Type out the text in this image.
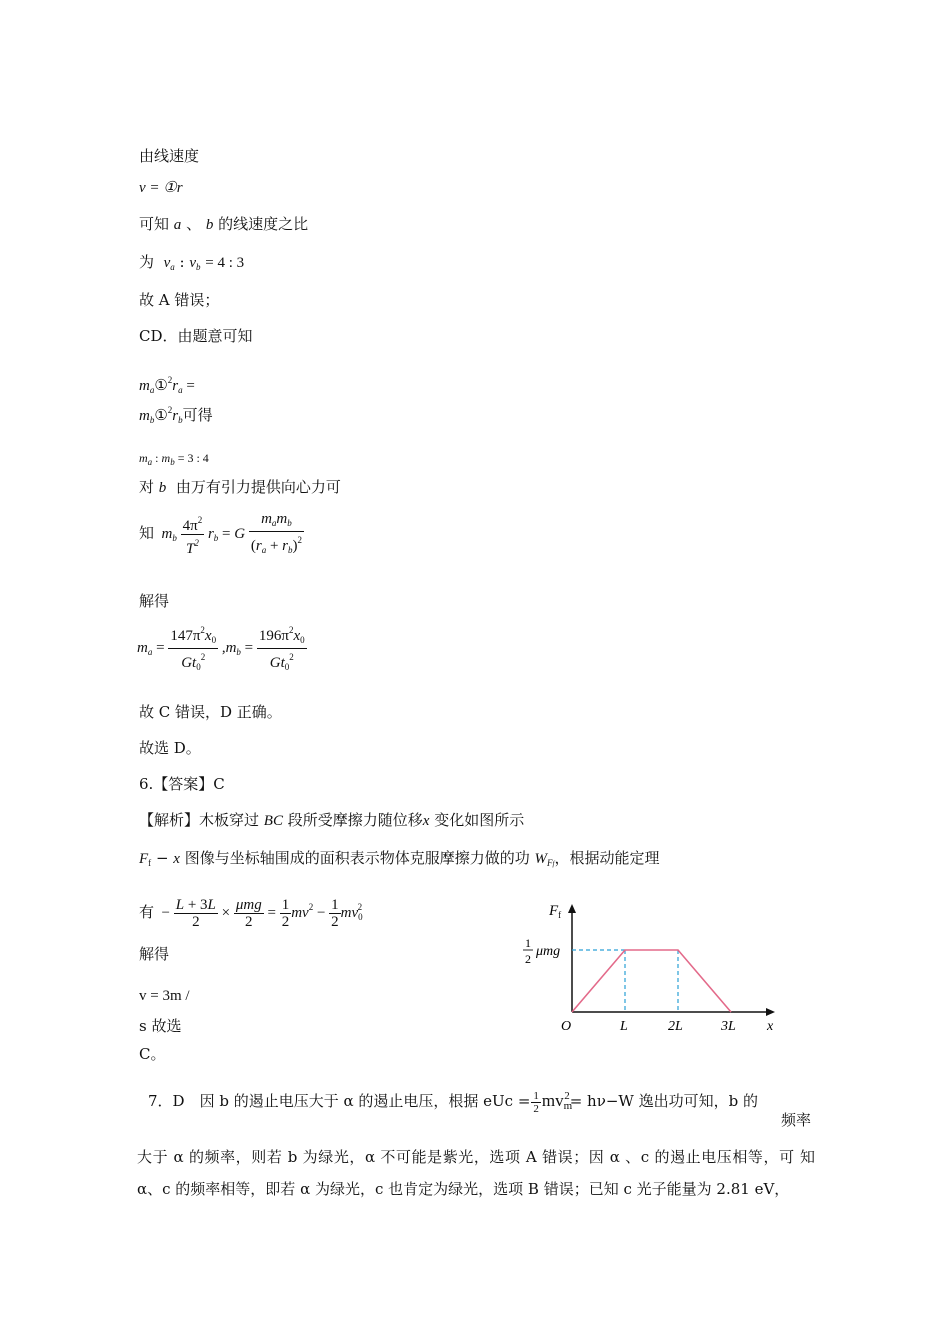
由线速度
v = ①r
可知 a 、 b 的线速度之比
为 $v_a$ : $v_b = 4$ : 3
故 A 错误；
CD．由题意可知
$m_a①^2r_a$ =
$m_b①^2r_b$可得
$m_a$ : $m_b = 3$ : 4
对 b 由万有引力提供向心力可
知 $m_b \frac{4\pi^2}{T^2} r_b = G \frac{m_am_b}{(r_a + r_b)^2}$
解得
$m_a = \frac{147\pi^2x_0}{Gt_0^2} ,m_b = \frac{196\pi^2x_0}{Gt_0^2}$
故 C 错误，D 正确。
故选 D。
6.【答案】C
【解析】木板穿过 BC 段所受摩擦力随位移x 变化如图所示
$F_f - x$ 图像与坐标轴围成的面积表示物体克服摩擦力做的功 $W_{Ff}$，根据动能定理
有  − $\frac{L + 3L}{2} \times \frac{\text{μmg}}{2} = \frac{1}{2} mv^2 - \frac{1}{2} mv_0^2$
解得
v = 3m /
s 故选
C。
$F_f$
1
2 μmg
O	L	2L	3L x
7．D　因 b 的遏止电压大于 α 的遏止电压，根据 eUc = $\frac{1}{2} mv_m^2= h\nu-W$ 逸出功可知，b 的
频率
大于 α 的频率，则若 b 为绿光，α 不可能是紫光，选项 A 错误；因 α 、c 的遏止电压相等，可 知 α、c 的频率相等，即若 α 为绿光，c 也肯定为绿光，选项 B 错误；已知 c 光子能量为 2.81 eV，
